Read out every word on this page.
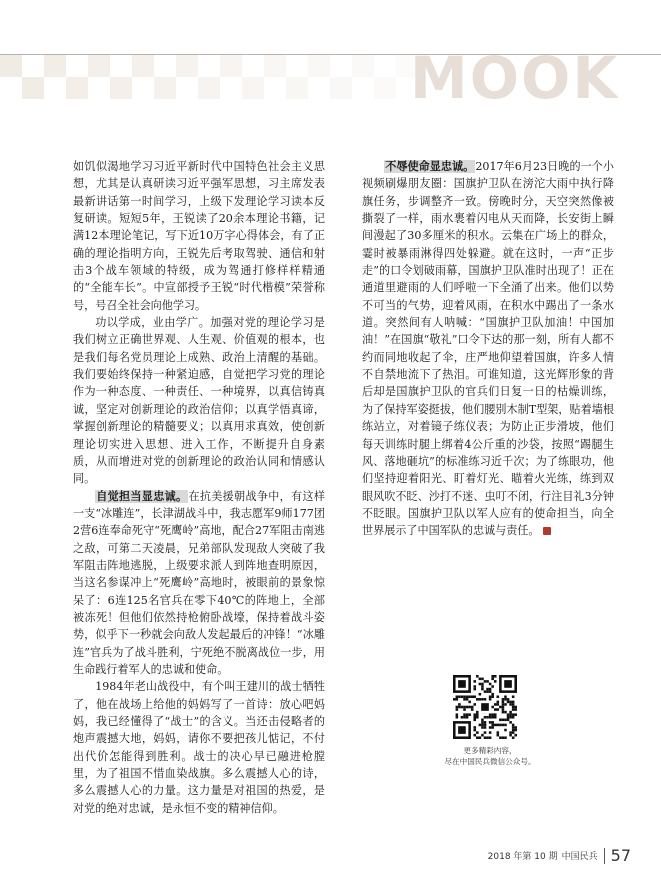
MOOK

如饥似渴地学习习近平新时代中国特色社会主义思想，尤其是认真研读习近平强军思想，习主席发表最新讲话第一时间学习，上级下发理论学习读本反复研读。短短5年，王锐读了20余本理论书籍，记满12本理论笔记，写下近10万字心得体会，有了正确的理论指明方向，王锐先后考取驾驶、通信和射击3个战车领域的特级，成为驾通打修样样精通的“全能车长”。中宣部授予王锐“时代楷模”荣誉称号，号召全社会向他学习。

功以学成，业由学广。加强对党的理论学习是我们树立正确世界观、人生观、价值观的根本，也是我们每名党员理论上成熟、政治上清醒的基础。我们要始终保持一种紧迫感，自觉把学习党的理论作为一种态度、一种责任、一种境界，以真信铸真诚，坚定对创新理论的政治信仰；以真学悟真谛，掌握创新理论的精髓要义；以真用求真效，使创新理论切实进入思想、进入工作，不断提升自身素质，从而增进对党的创新理论的政治认同和情感认同。

自觉担当显忠诚。在抗美援朝战争中，有这样一支“冰雕连”，长津湖战斗中，我志愿军9师177团2营6连奉命死守“死鹰岭”高地，配合27军阻击南逃之敌，可第二天凌晨，兄弟部队发现敌人突破了我军阻击阵地逃脱，上级要求派人到阵地查明原因，当这名参谋冲上“死鹰岭”高地时，被眼前的景象惊呆了：6连125名官兵在零下40℃的阵地上，全部被冻死！但他们依然持枪俯卧战壕，保持着战斗姿势，似乎下一秒就会向敌人发起最后的冲锋！“冰雕连”官兵为了战斗胜利，宁死绝不脱离战位一步，用生命践行着军人的忠诚和使命。

1984年老山战役中，有个叫王建川的战士牺牲了，他在战场上给他的妈妈写了一首诗：放心吧妈妈，我已经懂得了“战士”的含义。当还击侵略者的炮声震撼大地，妈妈，请你不要把孩儿惦记，不付出代价怎能得到胜利。战士的决心早已融进枪膛里，为了祖国不惜血染战旗。多么震撼人心的诗，多么震撼人心的力量。这力量是对祖国的热爱，是对党的绝对忠诚，是永恒不变的精神信仰。

不辱使命显忠诚。2017年6月23日晚的一个小视频刷爆朋友圈：国旗护卫队在滂沱大雨中执行降旗任务，步调整齐一致。傍晚时分，天空突然像被撕裂了一样，雨水裹着闪电从天而降，长安街上瞬间漫起了30多厘米的积水。云集在广场上的群众，霎时被暴雨淋得四处躲避。就在这时，一声“正步走”的口令划破雨幕，国旗护卫队准时出现了！正在通道里避雨的人们呼啦一下全涌了出来。他们以势不可当的气势，迎着风雨，在积水中踢出了一条水道。突然间有人呐喊：“国旗护卫队加油！中国加油！”在国旗“敬礼”口令下达的那一刻，所有人都不约而同地收起了伞，庄严地仰望着国旗，许多人情不自禁地流下了热泪。可谁知道，这光辉形象的背后却是国旗护卫队的官兵们日复一日的枯燥训练，为了保持军姿挺拔，他们腰別木制T型架，贴着墙根练站立，对着镜子练仪表；为防止正步滑坡，他们每天训练时腿上绑着4公斤重的沙袋，按照“踢腿生风、落地砸坑”的标准练习近千次；为了练眼功，他们坚持迎着阳光、盯着灯光、瞄着火光练，练到双眼风吹不眨、沙打不迷、虫叮不闭，行注目礼3分钟不眨眼。国旗护卫队以军人应有的使命担当，向全世界展示了中国军队的忠诚与责任。

更多精彩内容，
尽在中国民兵微信公众号。
2018 年第 10 期 中国民兵 57
